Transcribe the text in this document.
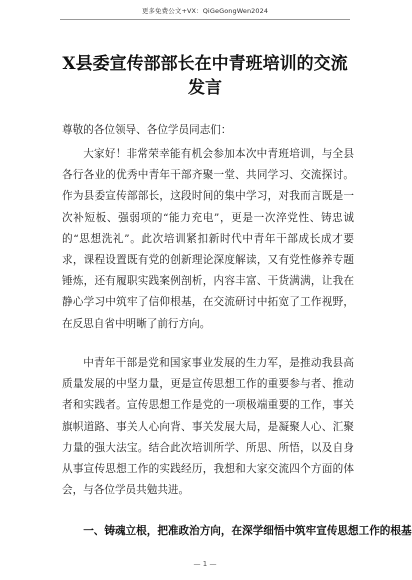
更多免费公文+VX：QiGeGongWen2024
X县委宣传部部长在中青班培训的交流发言
尊敬的各位领导、各位学员同志们：
大家好！非常荣幸能有机会参加本次中青班培训，与全县各行各业的优秀中青年干部齐聚一堂、共同学习、交流探讨。作为县委宣传部部长，这段时间的集中学习，对我而言既是一次补短板、强弱项的“能力充电”，更是一次淬党性、铸忠诚的“思想洗礼”。此次培训紧扣新时代中青年干部成长成才要求，课程设置既有党的创新理论深度解读，又有党性修养专题锤炼，还有履职实践案例剖析，内容丰富、干货满满，让我在静心学习中筑牢了信仰根基，在交流研讨中拓宽了工作视野，在反思自省中明晰了前行方向。
中青年干部是党和国家事业发展的生力军，是推动我县高质量发展的中坚力量，更是宣传思想工作的重要参与者、推动者和实践者。宣传思想工作是党的一项极端重要的工作，事关旗帜道路、事关人心向背、事关发展大局，是凝聚人心、汇聚力量的强大法宝。结合此次培训所学、所思、所悟，以及自身从事宣传思想工作的实践经历，我想和大家交流四个方面的体会，与各位学员共勉共进。
一、铸魂立根，把准政治方向，在深学细悟中筑牢宣传思想工作的根基
— 1 —
